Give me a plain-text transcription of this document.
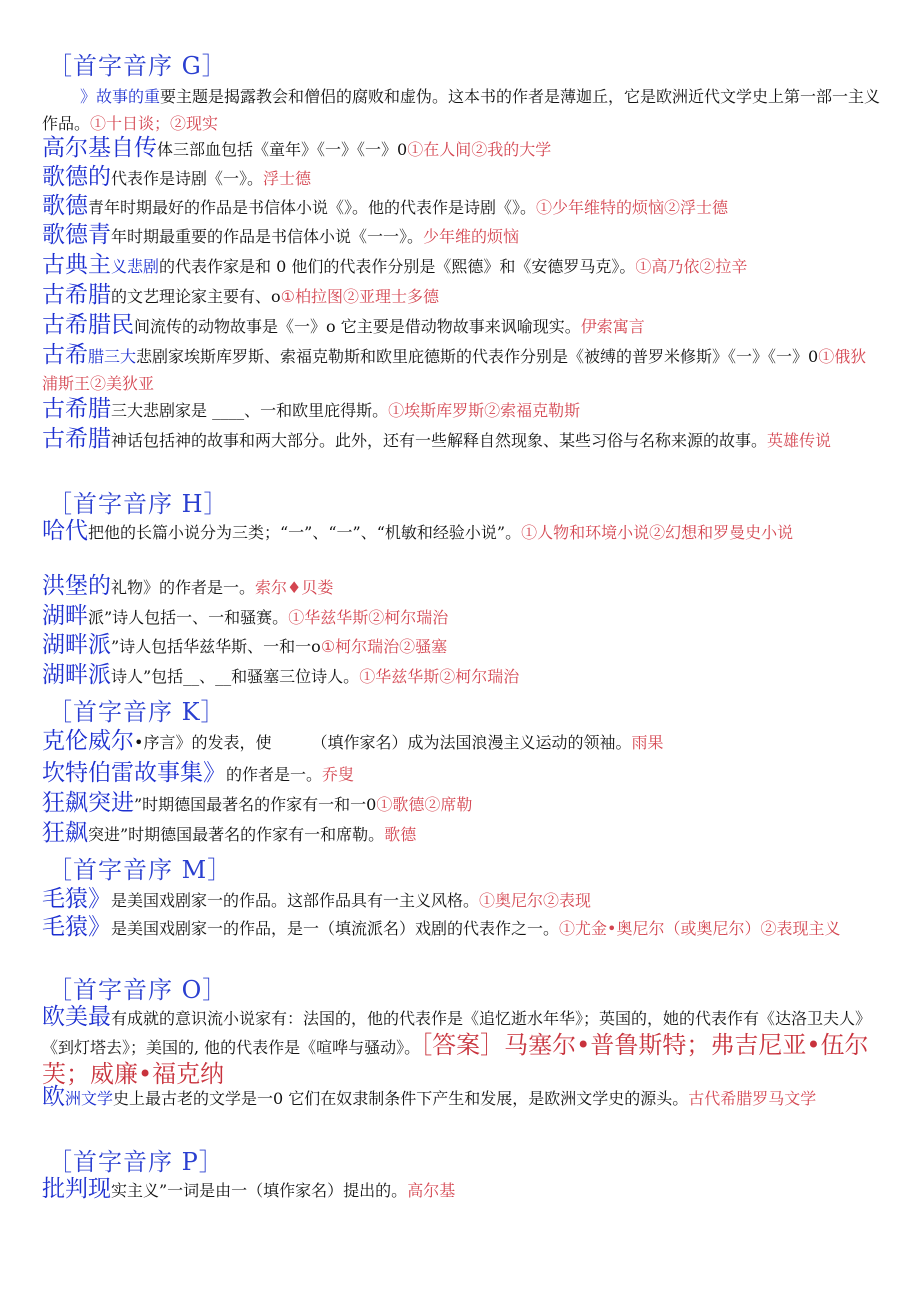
［首字音序 G］
》故事的重要主题是揭露教会和僧侣的腐败和虚伪。这本书的作者是薄迦丘，它是欧洲近代文学史上第一部一主义作品。①十日谈；②现实
高尔基自传体三部血包括《童年》《一》《一》0①在人间②我的大学
歌德的代表作是诗剧《一》。浮士德
歌德青年时期最好的作品是书信体小说《》。他的代表作是诗剧《》。①少年维特的烦恼②浮士德
歌德青年时期最重要的作品是书信体小说《一一》。少年维的烦恼
古典主义悲剧的代表作家是和 0 他们的代表作分别是《熙德》和《安德罗马克》。①高乃依②拉辛
古希腊的文艺理论家主要有、o①柏拉图②亚理士多德
古希腊民间流传的动物故事是《一》o 它主要是借动物故事来讽喻现实。伊索寓言
古希腊三大悲剧家埃斯库罗斯、索福克勒斯和欧里庇德斯的代表作分别是《被缚的普罗米修斯》《一》《一》0①俄狄浦斯王②美狄亚
古希腊三大悲剧家是 ____、一和欧里庇得斯。①埃斯库罗斯②索福克勒斯
古希腊神话包括神的故事和两大部分。此外，还有一些解释自然现象、某些习俗与名称来源的故事。英雄传说
［首字音序 H］
哈代把他的长篇小说分为三类；“一”、“一”、“机敏和经验小说”。①人物和环境小说②幻想和罗曼史小说
洪堡的礼物》的作者是一。索尔♦贝娄
湖畔派”诗人包括一、一和骚赛。①华兹华斯②柯尔瑞治
湖畔派”诗人包括华兹华斯、一和一o①柯尔瑞治②骚塞
湖畔派诗人”包括__、__和骚塞三位诗人。①华兹华斯②柯尔瑞治
［首字音序 K］
克伦威尔•序言》的发表，使　　　（填作家名）成为法国浪漫主义运动的领袖。雨果
坎特伯雷故事集》的作者是一。乔叟
狂飙突进”时期德国最著名的作家有一和一0①歌德②席勒
狂飙突进”时期德国最著名的作家有一和席勒。歌德
［首字音序 M］
毛猿》是美国戏剧家一的作品。这部作品具有一主义风格。①奥尼尔②表现
毛猿》是美国戏剧家一的作品，是一（填流派名）戏剧的代表作之一。①尤金•奥尼尔（或奥尼尔）②表现主义
［首字音序 O］
欧美最有成就的意识流小说家有：法国的，他的代表作是《追忆逝水年华》；英国的，她的代表作有《达洛卫夫人》《到灯塔去》；美国的, 他的代表作是《喧哗与骚动》。［答案］马塞尔•普鲁斯特；弗吉尼亚•伍尔芙；威廉•福克纳
欧洲文学史上最古老的文学是一0 它们在奴隶制条件下产生和发展，是欧洲文学史的源头。古代希腊罗马文学
［首字音序 P］
批判现实主义”一词是由一（填作家名）提出的。高尔基
